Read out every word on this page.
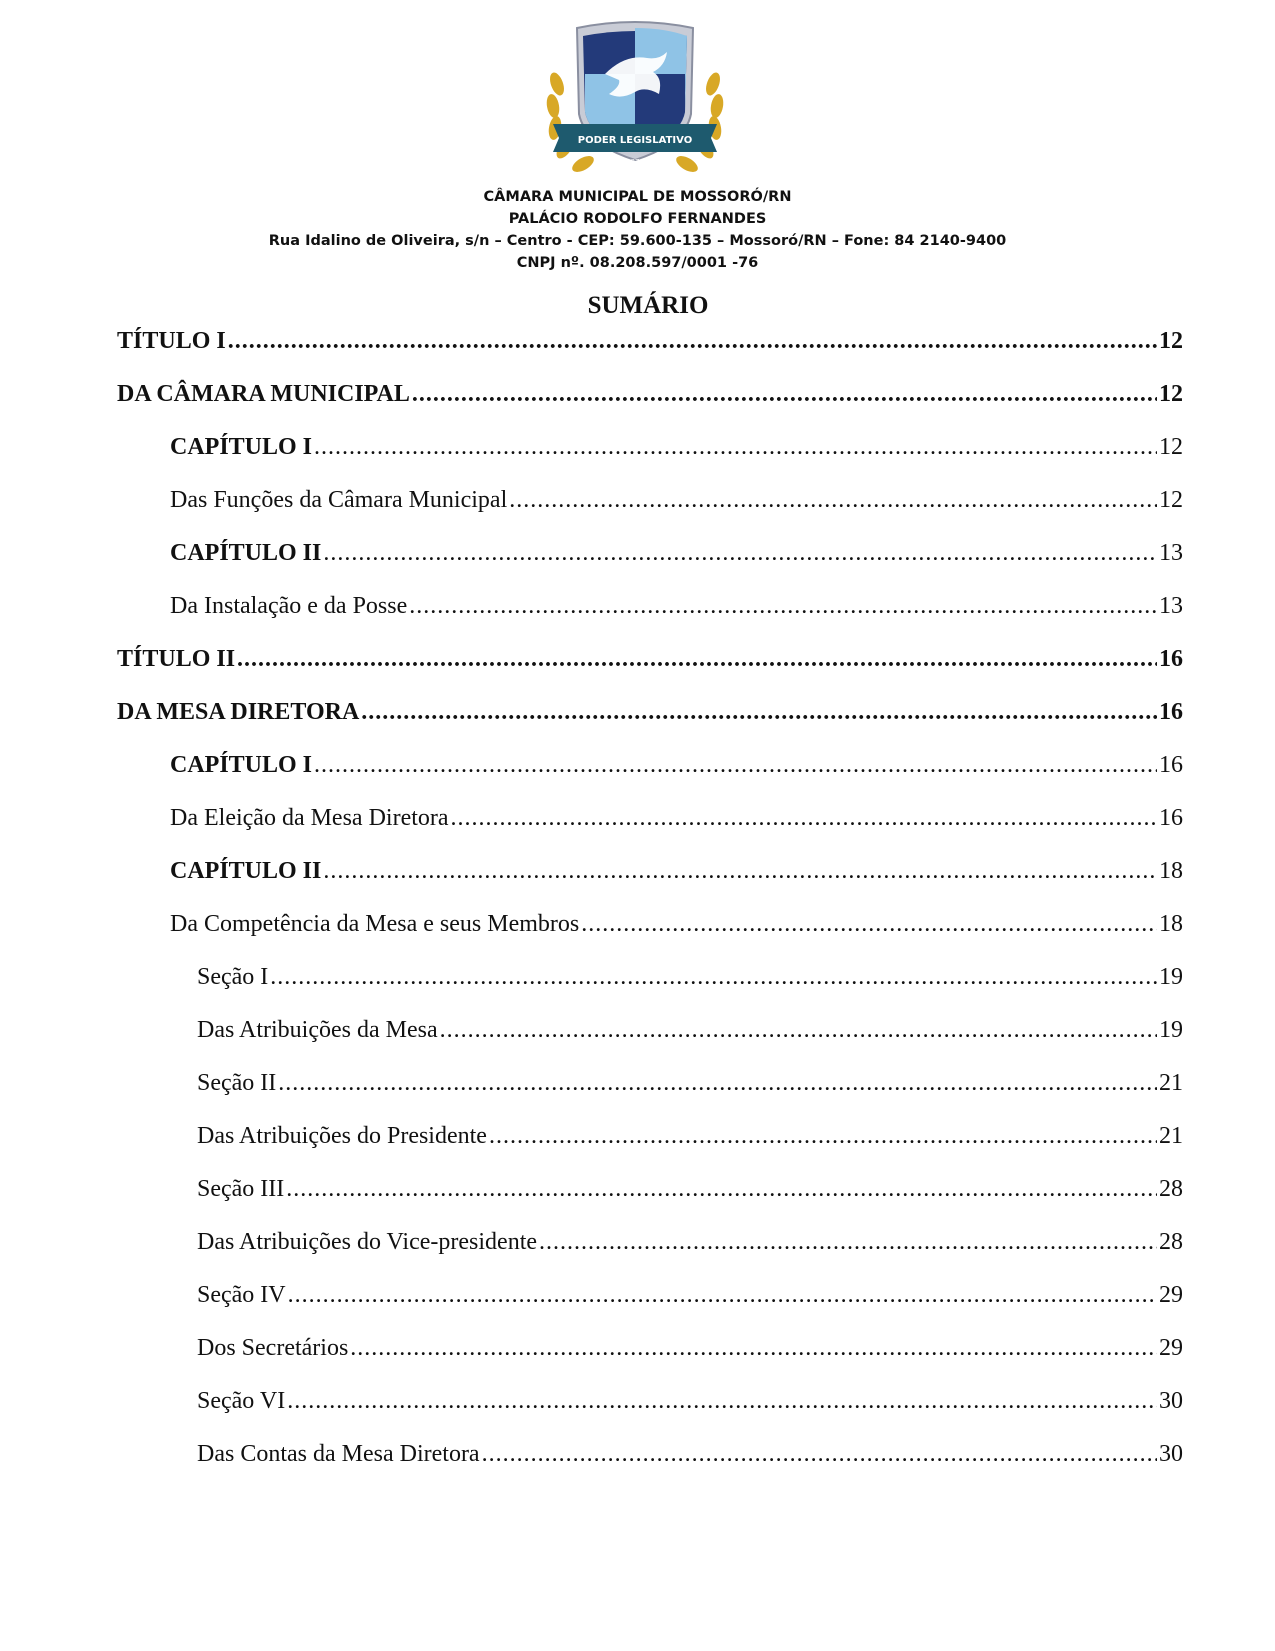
PODER LEGISLATIVO
1870
CÂMARA MUNICIPAL DE MOSSORÓ/RN
PALÁCIO RODOLFO FERNANDES
Rua Idalino de Oliveira, s/n – Centro - CEP: 59.600-135 – Mossoró/RN – Fone: 84 2140-9400
CNPJ nº. 08.208.597/0001 -76
SUMÁRIO
TÍTULO I .....	12
DA CÂMARA MUNICIPAL .....	12
CAPÍTULO I .....	12
Das Funções da Câmara Municipal .....	12
CAPÍTULO II .....	13
Da Instalação e da Posse .....	13
TÍTULO II .....	16
DA MESA DIRETORA .....	16
CAPÍTULO I .....	16
Da Eleição da Mesa Diretora .....	16
CAPÍTULO II .....	18
Da Competência da Mesa e seus Membros .....	18
Seção I .....	19
Das Atribuições da Mesa .....	19
Seção II .....	21
Das Atribuições do Presidente .....	21
Seção III .....	28
Das Atribuições do Vice-presidente .....	28
Seção IV .....	29
Dos Secretários .....	29
Seção VI .....	30
Das Contas da Mesa Diretora .....	30
